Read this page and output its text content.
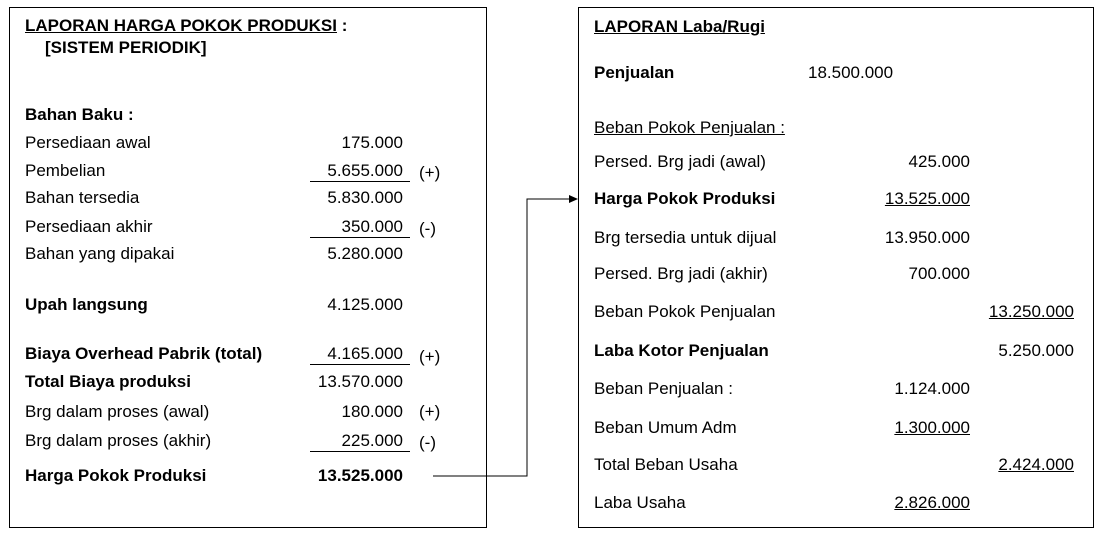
LAPORAN HARGA POKOK PRODUKSI :
[SISTEM PERIODIK]
Bahan Baku :
Persediaan awal	175.000
Pembelian	5.655.000 (+)
Bahan tersedia	5.830.000
Persediaan akhir	350.000 (-)
Bahan yang dipakai	5.280.000
Upah langsung	4.125.000
Biaya Overhead Pabrik (total)	4.165.000 (+)
Total Biaya produksi	13.570.000
Brg dalam proses (awal)	180.000 (+)
Brg dalam proses (akhir)	225.000 (-)
Harga Pokok Produksi	13.525.000
LAPORAN Laba/Rugi
Penjualan	18.500.000
Beban Pokok Penjualan :
Persed. Brg jadi (awal)	425.000
Harga Pokok Produksi	13.525.000
Brg tersedia untuk dijual	13.950.000
Persed. Brg jadi (akhir)	700.000
Beban Pokok Penjualan	13.250.000
Laba Kotor Penjualan	5.250.000
Beban Penjualan :	1.124.000
Beban Umum Adm	1.300.000
Total Beban Usaha	2.424.000
Laba Usaha	2.826.000
